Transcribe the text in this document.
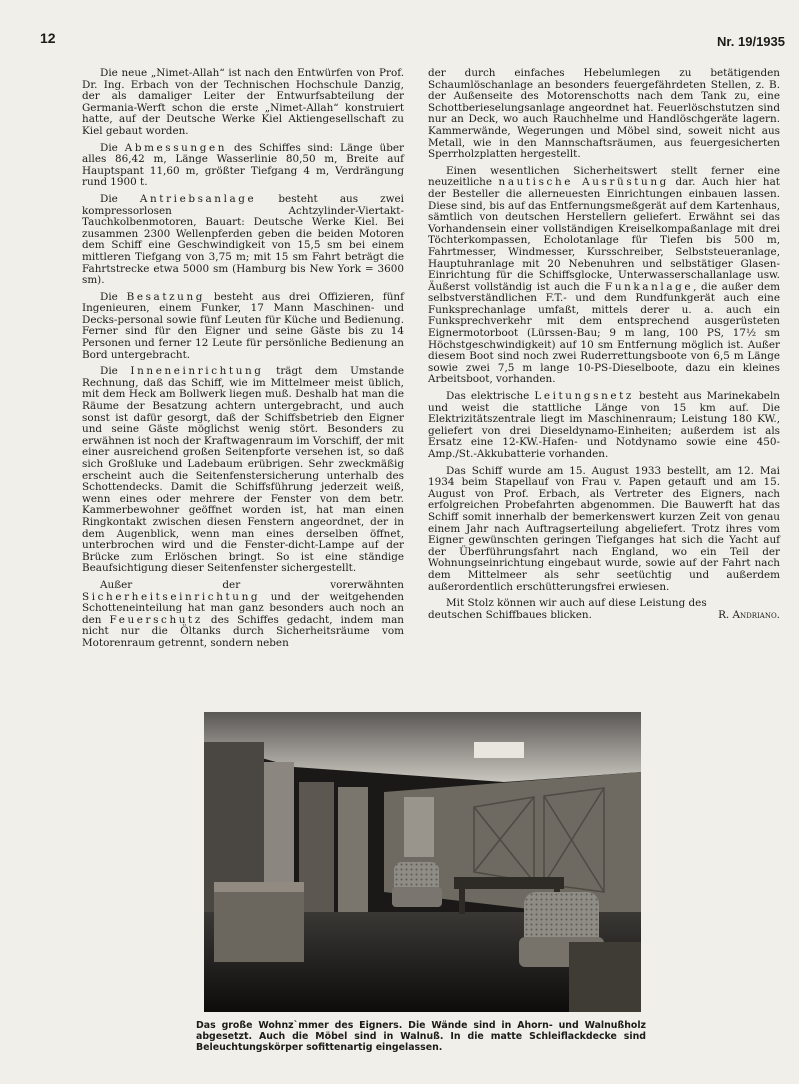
12	Nr. 19/1935

Die neue „Nimet-Allah“ ist nach den Entwürfen von Prof. Dr. Ing. Erbach von der Technischen Hochschule Danzig, der als damaliger Leiter der Entwurfsabteilung der Germania-Werft schon die erste „Nimet-Allah“ konstruiert hatte, auf der Deutsche Werke Kiel Aktiengesellschaft zu Kiel gebaut worden.

Die Abmessungen des Schiffes sind: Länge über alles 86,42 m, Länge Wasserlinie 80,50 m, Breite auf Hauptspant 11,60 m, größter Tiefgang 4 m, Verdrängung rund 1900 t.

Die Antriebsanlage besteht aus zwei kompressorlosen Achtzylinder-Viertakt-Tauchkolbenmotoren, Bauart: Deutsche Werke Kiel. Bei zusammen 2300 Wellenpferden geben die beiden Motoren dem Schiff eine Geschwindigkeit von 15,5 sm bei einem mittleren Tiefgang von 3,75 m; mit 15 sm Fahrt beträgt die Fahrtstrecke etwa 5000 sm (Hamburg bis New York = 3600 sm).

Die Besatzung besteht aus drei Offizieren, fünf Ingenieuren, einem Funker, 17 Mann Maschinen- und Decks-personal sowie fünf Leuten für Küche und Bedienung. Ferner sind für den Eigner und seine Gäste bis zu 14 Personen und ferner 12 Leute für persönliche Bedienung an Bord untergebracht.

Die Inneneinrichtung trägt dem Umstande Rechnung, daß das Schiff, wie im Mittelmeer meist üblich, mit dem Heck am Bollwerk liegen muß. Deshalb hat man die Räume der Besatzung achtern untergebracht, und auch sonst ist dafür gesorgt, daß der Schiffsbetrieb den Eigner und seine Gäste möglichst wenig stört. Besonders zu erwähnen ist noch der Kraftwagenraum im Vorschiff, der mit einer ausreichend großen Seitenpforte versehen ist, so daß sich Großluke und Ladebaum erübrigen. Sehr zweckmäßig erscheint auch die Seitenfenstersicherung unterhalb des Schottendecks. Damit die Schiffsführung jederzeit weiß, wenn eines oder mehrere der Fenster von dem betr. Kammerbewohner geöffnet worden ist, hat man einen Ringkontakt zwischen diesen Fenstern angeordnet, der in dem Augenblick, wenn man eines derselben öffnet, unterbrochen wird und die Fenster-dicht-Lampe auf der Brücke zum Erlöschen bringt. So ist eine ständige Beaufsichtigung dieser Seitenfenster sichergestellt.

Außer der vorerwähnten Sicherheitseinrichtung und der weitgehenden Schotteneinteilung hat man ganz besonders auch noch an den Feuerschutz des Schiffes gedacht, indem man nicht nur die Öltanks durch Sicherheitsräume vom Motorenraum getrennt, sondern neben

der durch einfaches Hebelumlegen zu betätigenden Schaumlöschanlage an besonders feuergefährdeten Stellen, z. B. der Außenseite des Motorenschotts nach dem Tank zu, eine Schottberieselungsanlage angeordnet hat. Feuerlöschstutzen sind nur an Deck, wo auch Rauchhelme und Handlöschgeräte lagern. Kammerwände, Wegerungen und Möbel sind, soweit nicht aus Metall, wie in den Mannschaftsräumen, aus feuergesicherten Sperrholzplatten hergestellt.

Einen wesentlichen Sicherheitswert stellt ferner eine neuzeitliche nautische Ausrüstung dar. Auch hier hat der Besteller die allerneuesten Einrichtungen einbauen lassen. Diese sind, bis auf das Entfernungsmeßgerät auf dem Kartenhaus, sämtlich von deutschen Herstellern geliefert. Erwähnt sei das Vorhandensein einer vollständigen Kreiselkompaßanlage mit drei Töchterkompassen, Echolotanlage für Tiefen bis 500 m, Fahrtmesser, Windmesser, Kursschreiber, Selbststeueranlage, Hauptuhranlage mit 20 Nebenuhren und selbstätiger Glasen-Einrichtung für die Schiffsglocke, Unterwasserschallanlage usw. Äußerst vollständig ist auch die Funkanlage, die außer dem selbstverständlichen F.T.- und dem Rundfunkgerät auch eine Funksprechanlage umfaßt, mittels derer u. a. auch ein Funksprechverkehr mit dem entsprechend ausgerüsteten Eignermotorboot (Lürssen-Bau; 9 m lang, 100 PS, 17½ sm Höchstgeschwindigkeit) auf 10 sm Entfernung möglich ist. Außer diesem Boot sind noch zwei Ruderrettungsboote von 6,5 m Länge sowie zwei 7,5 m lange 10-PS-Dieselboote, dazu ein kleines Arbeitsboot, vorhanden.

Das elektrische Leitungsnetz besteht aus Marinekabeln und weist die stattliche Länge von 15 km auf. Die Elektrizitätszentrale liegt im Maschinenraum; Leistung 180 KW., geliefert von drei Dieseldynamo-Einheiten; außerdem ist als Ersatz eine 12-KW.-Hafen- und Notdynamo sowie eine 450-Amp./St.-Akkubatterie vorhanden.

Das Schiff wurde am 15. August 1933 bestellt, am 12. Mai 1934 beim Stapellauf von Frau v. Papen getauft und am 15. August von Prof. Erbach, als Vertreter des Eigners, nach erfolgreichen Probefahrten abgenommen. Die Bauwerft hat das Schiff somit innerhalb der bemerkenswert kurzen Zeit von genau einem Jahr nach Auftragserteilung abgeliefert. Trotz ihres vom Eigner gewünschten geringen Tiefganges hat sich die Yacht auf der Überführungsfahrt nach England, wo ein Teil der Wohnungseinrichtung eingebaut wurde, sowie auf der Fahrt nach dem Mittelmeer als sehr seetüchtig und außerdem außerordentlich erschütterungsfrei erwiesen.

Mit Stolz können wir auch auf diese Leistung des

deutschen Schiffbaues blicken.	R. Andriano.
Das große Wohnz`mmer des Eigners. Die Wände sind in Ahorn- und Walnußholz abgesetzt. Auch die Möbel sind in Walnuß. In die matte Schleiflackdecke sind Beleuchtungskörper sofittenartig eingelassen.
